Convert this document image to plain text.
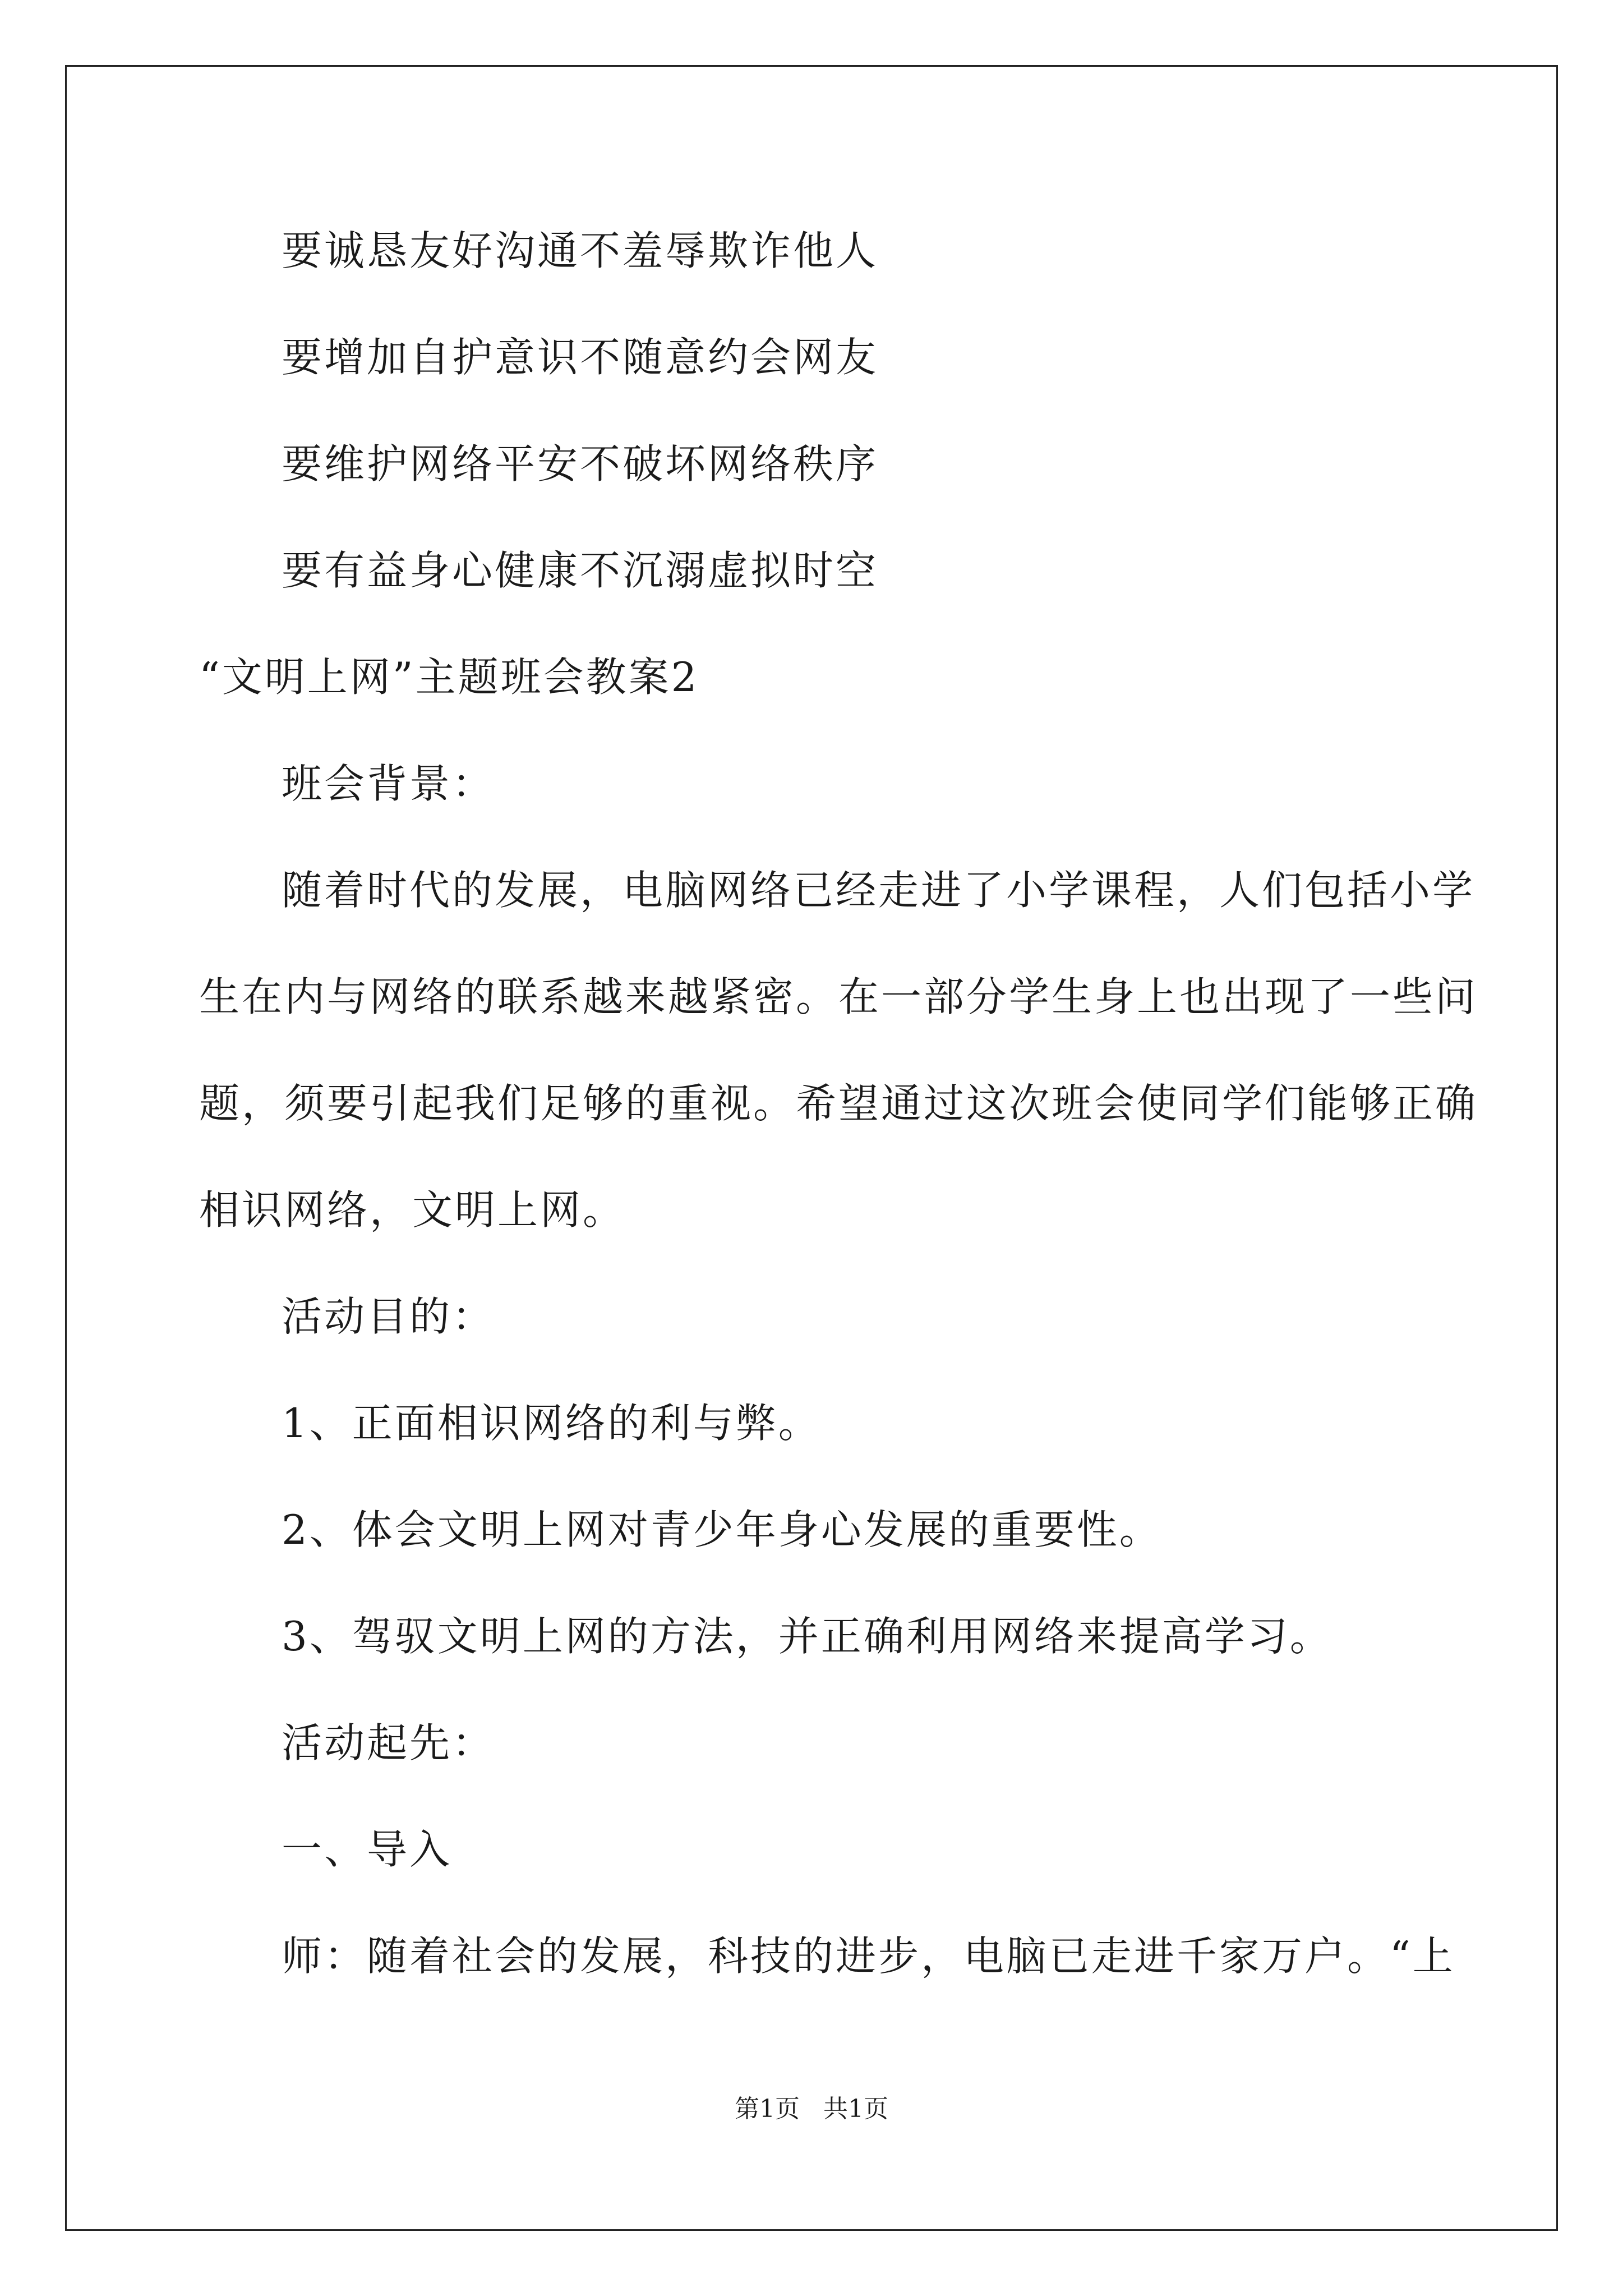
要诚恳友好沟通不羞辱欺诈他人
要增加自护意识不随意约会网友
要维护网络平安不破坏网络秩序
要有益身心健康不沉溺虚拟时空
“文明上网”主题班会教案2
班会背景：
随着时代的发展，电脑网络已经走进了小学课程，人们包括小学
生在内与网络的联系越来越紧密。在一部分学生身上也出现了一些问
题，须要引起我们足够的重视。希望通过这次班会使同学们能够正确
相识网络，文明上网。
活动目的：
1、正面相识网络的利与弊。
2、体会文明上网对青少年身心发展的重要性。
3、驾驭文明上网的方法，并正确利用网络来提高学习。
活动起先：
一、导入
师：随着社会的发展，科技的进步，电脑已走进千家万户。“上
第1页   共1页
